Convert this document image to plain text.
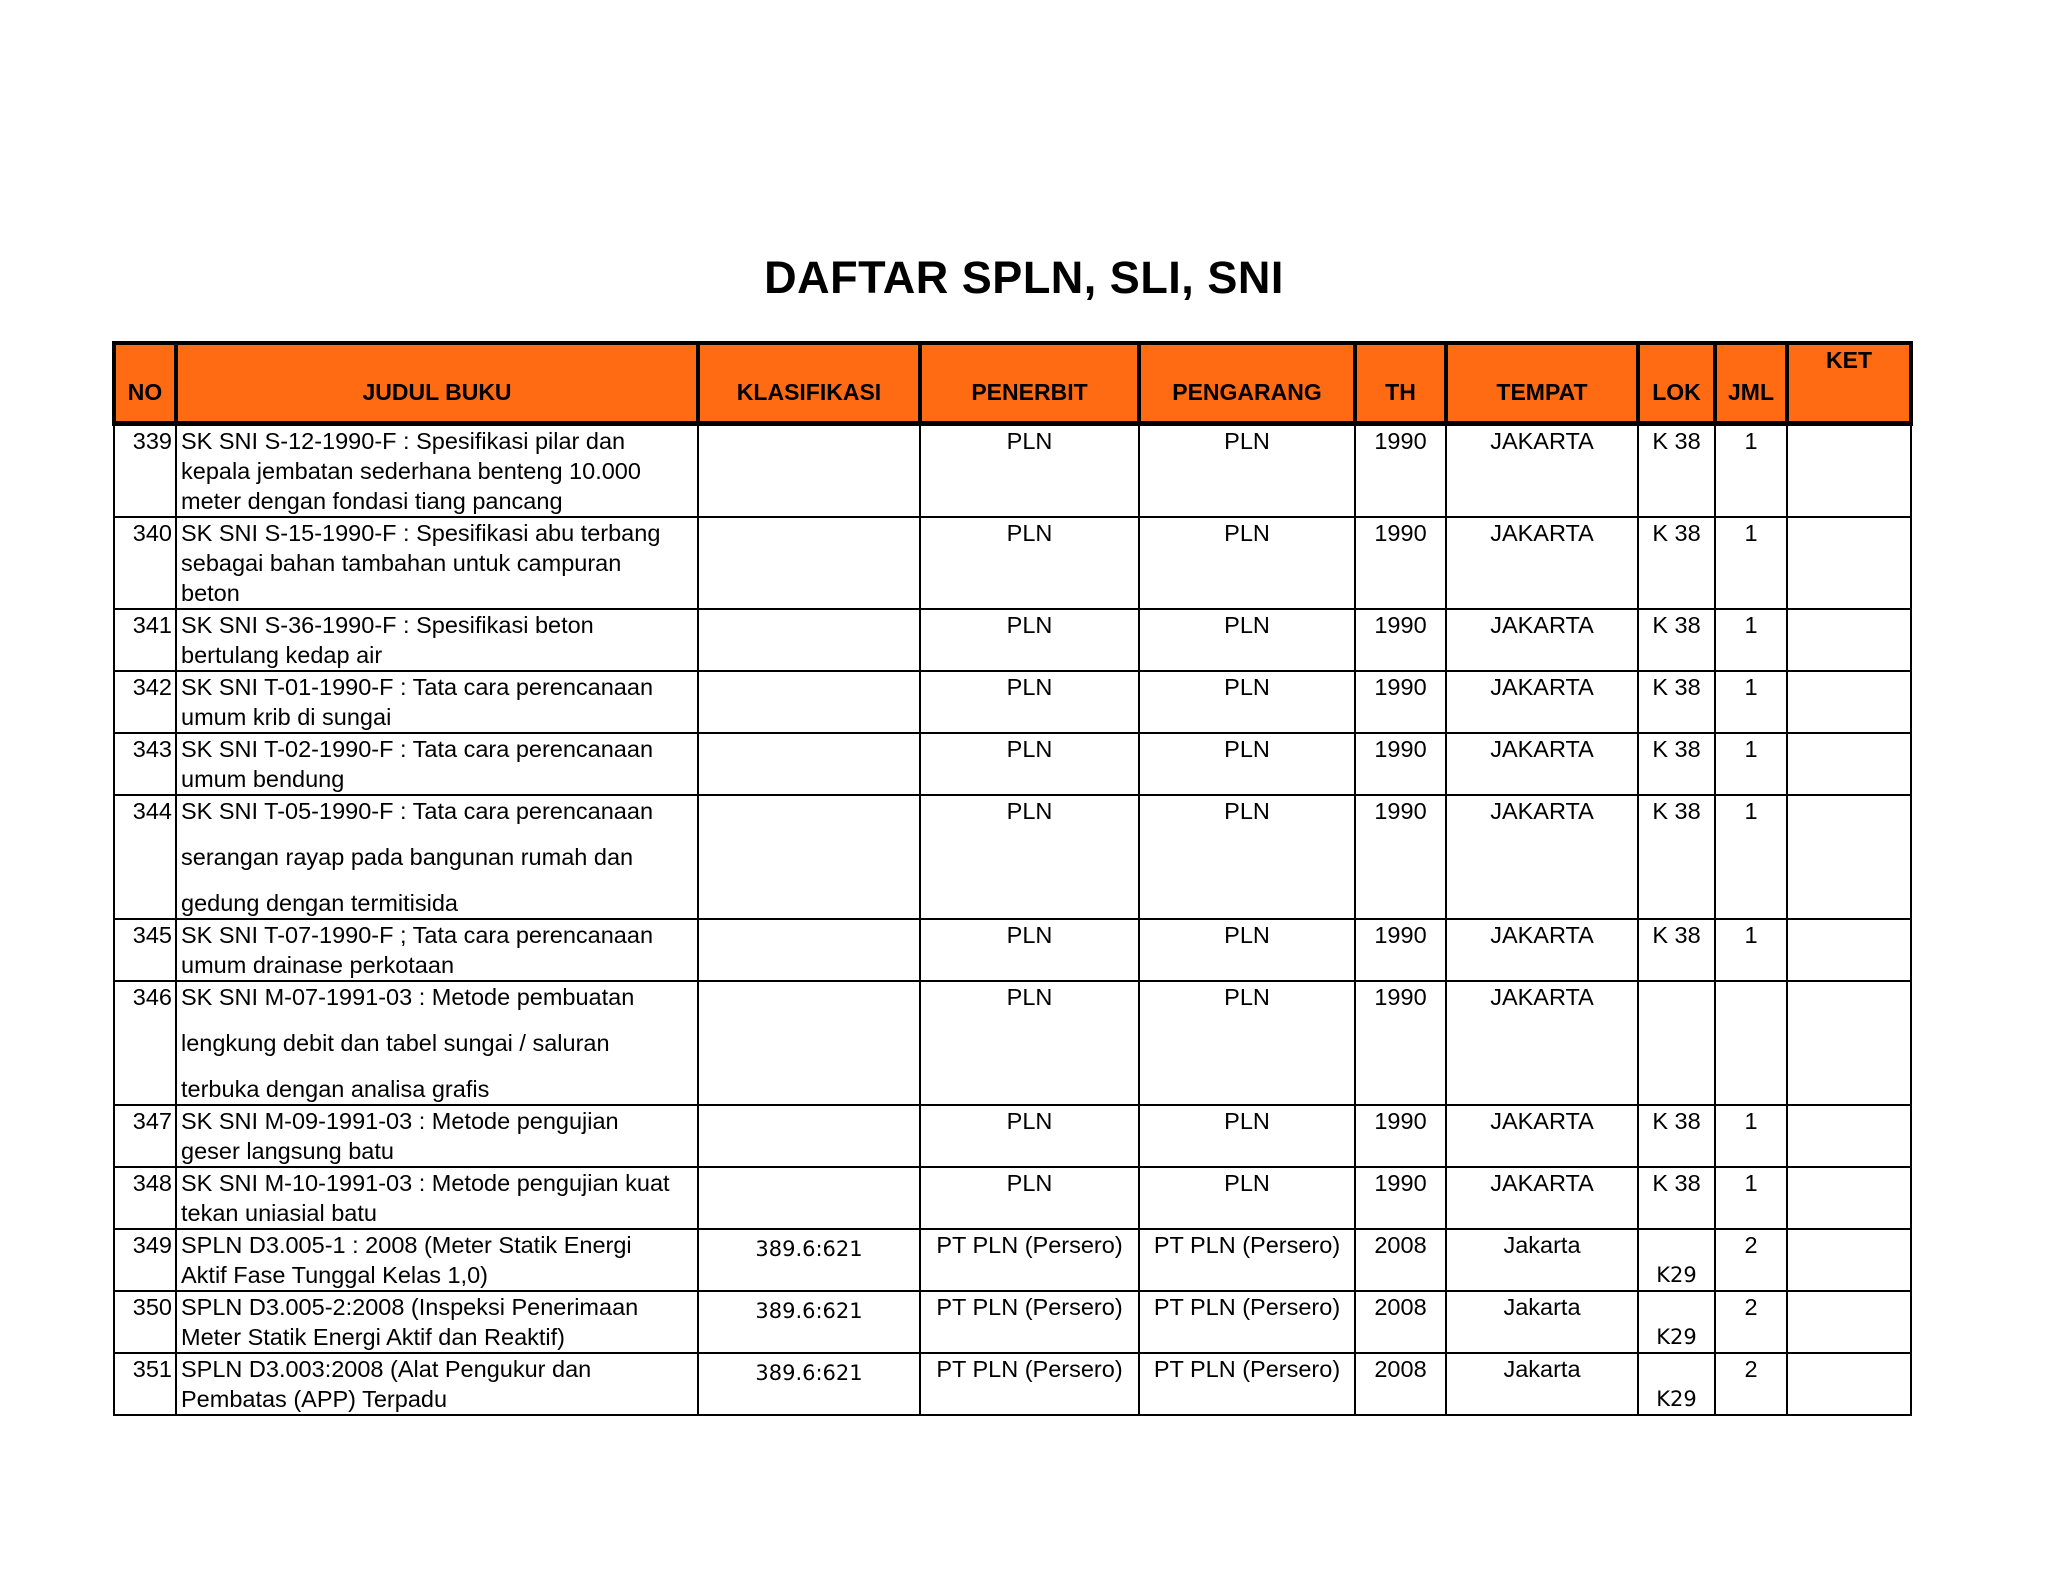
DAFTAR SPLN, SLI, SNI
NO	JUDUL BUKU	KLASIFIKASI	PENERBIT	PENGARANG	TH	TEMPAT	LOK	JML	KET
339	SK SNI S-12-1990-F : Spesifikasi pilar dan
kepala jembatan sederhana benteng 10.000
meter dengan fondasi tiang pancang		PLN	PLN	1990	JAKARTA	K 38	1	
340	SK SNI S-15-1990-F : Spesifikasi abu terbang
sebagai bahan tambahan untuk campuran
beton		PLN	PLN	1990	JAKARTA	K 38	1	
341	SK SNI S-36-1990-F : Spesifikasi beton
bertulang kedap air		PLN	PLN	1990	JAKARTA	K 38	1	
342	SK SNI T-01-1990-F : Tata cara perencanaan
umum krib di sungai		PLN	PLN	1990	JAKARTA	K 38	1	
343	SK SNI T-02-1990-F : Tata cara perencanaan
umum bendung		PLN	PLN	1990	JAKARTA	K 38	1	
344	SK SNI T-05-1990-F : Tata cara perencanaan
serangan rayap pada bangunan rumah dan
gedung dengan termitisida		PLN	PLN	1990	JAKARTA	K 38	1	
345	SK SNI T-07-1990-F ; Tata cara perencanaan
umum drainase perkotaan		PLN	PLN	1990	JAKARTA	K 38	1	
346	SK SNI M-07-1991-03 : Metode pembuatan
lengkung debit dan tabel sungai / saluran
terbuka dengan analisa grafis		PLN	PLN	1990	JAKARTA			
347	SK SNI M-09-1991-03 : Metode pengujian
geser langsung batu		PLN	PLN	1990	JAKARTA	K 38	1	
348	SK SNI M-10-1991-03 : Metode pengujian kuat
tekan uniasial batu		PLN	PLN	1990	JAKARTA	K 38	1	
349	SPLN D3.005-1 : 2008 (Meter Statik Energi
Aktif Fase Tunggal Kelas 1,0)	389.6:621	PT PLN (Persero)	PT PLN (Persero)	2008	Jakarta	K29	2	
350	SPLN D3.005-2:2008 (Inspeksi Penerimaan
Meter Statik Energi Aktif dan Reaktif)	389.6:621	PT PLN (Persero)	PT PLN (Persero)	2008	Jakarta	K29	2	
351	SPLN D3.003:2008 (Alat Pengukur dan
Pembatas (APP) Terpadu	389.6:621	PT PLN (Persero)	PT PLN (Persero)	2008	Jakarta	K29	2	
